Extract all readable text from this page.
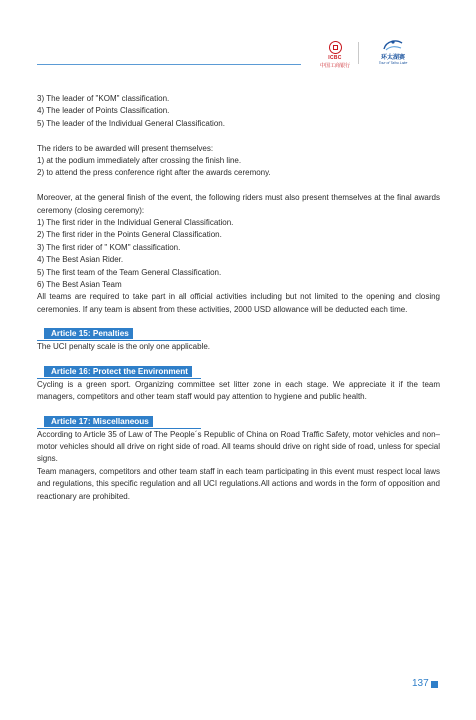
ICBC
中国工商银行
环太湖赛
Tour of Taihu Lake

3) The leader of "KOM" classification.

4) The leader of Points Classification.

5) The leader of the Individual General Classification.

The riders to be awarded will present themselves:

1) at the podium immediately after crossing the finish line.

2) to attend the press conference right after the awards ceremony.

Moreover, at the general finish of the event, the following riders must also present themselves at the final awards ceremony (closing ceremony):

1) The first rider in the Individual General Classification.

2) The first rider in the Points General Classification.

3) The first rider of " KOM" classification.

4) The Best Asian Rider.

5) The first team of the Team General Classification.

6) The Best Asian Team

All teams are required to take part in all official activities including but not limited to the opening and closing ceremonies. If any team is absent from these activities, 2000 USD allowance will be deducted each time.

Article 15: Penalties

The UCI penalty scale is the only one applicable.

Article 16: Protect the Environment

Cycling is a green sport. Organizing committee set litter zone in each stage. We appreciate it if the team managers, competitors and other team staff would pay attention to hygiene and public health.

Article 17: Miscellaneous

According to Article 35 of Law of The People´s Republic of China on Road Traffic Safety, motor vehicles and non–motor vehicles should all drive on right side of road. All teams should drive on right side of road, unless for special signs.

Team managers, competitors and other team staff in each team participating in this event must respect local laws and regulations, this specific regulation and all UCI regulations.All actions and words in the form of opposition and reactionary are prohibited.

137
